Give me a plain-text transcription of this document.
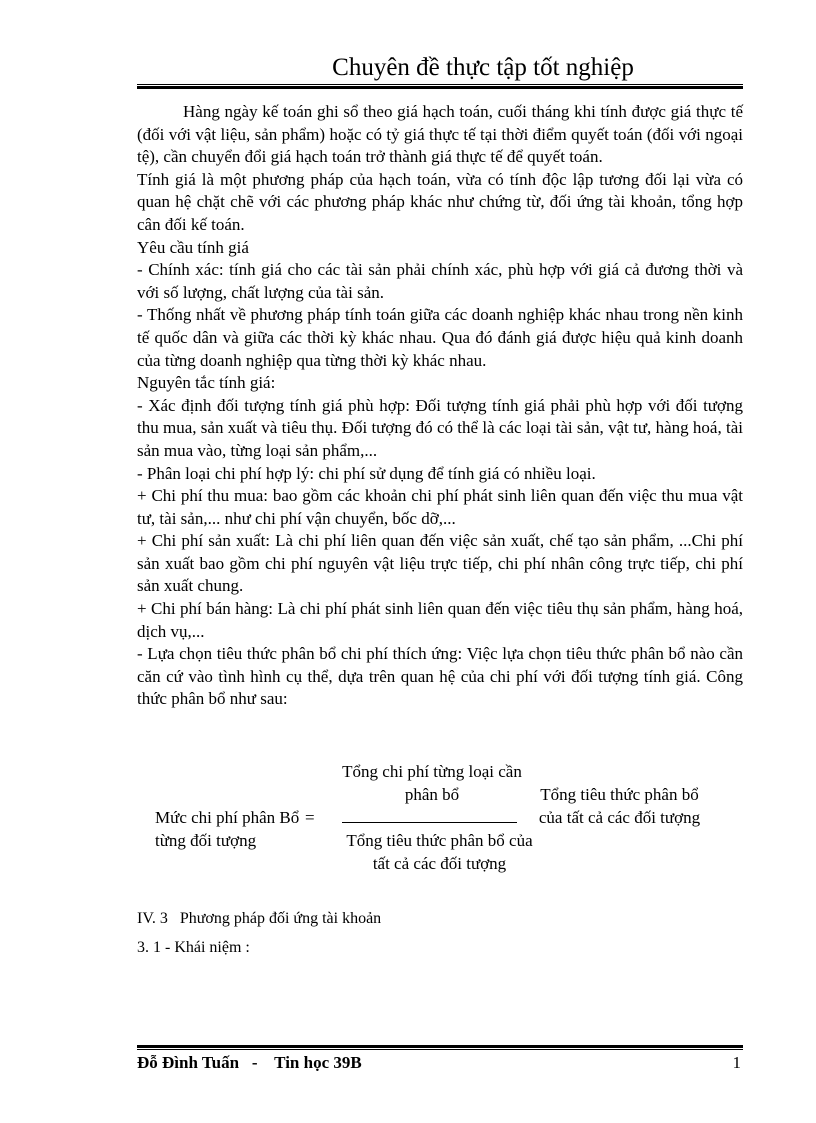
Chuyên đề thực tập tốt nghiệp

Hàng ngày kế toán ghi sổ theo giá hạch toán, cuối tháng khi tính được giá thực tế (đối với vật liệu, sản phẩm) hoặc có tỷ giá thực tế tại thời điểm quyết toán (đối với ngoại tệ), cần chuyển đổi giá hạch toán trở thành giá thực tế để quyết toán.

Tính giá là một phương pháp của hạch toán, vừa có tính độc lập tương đối lại vừa có quan hệ chặt chẽ với các phương pháp khác như chứng từ, đối ứng tài khoản, tổng hợp cân đối kế toán.

Yêu cầu tính giá

- Chính xác: tính giá cho các tài sản phải chính xác, phù hợp với giá cả đương thời và với số lượng, chất lượng của tài sản.

- Thống nhất về phương pháp tính toán giữa các doanh nghiệp khác nhau trong nền kinh tế quốc dân và giữa các thời kỳ khác nhau. Qua đó đánh giá được hiệu quả kinh doanh của từng doanh nghiệp qua từng thời kỳ khác nhau.

Nguyên tắc tính giá:

- Xác định đối tượng tính giá phù hợp: Đối tượng tính giá phải phù hợp với đối tượng thu mua, sản xuất và tiêu thụ. Đối tượng đó có thể là các loại tài sản, vật tư, hàng hoá, tài sản mua vào, từng loại sản phẩm,...

- Phân loại chi phí hợp lý: chi phí sử dụng để tính giá có nhiều loại.

+ Chi phí thu mua: bao gồm các khoản chi phí phát sinh liên quan đến việc thu mua vật tư, tài sản,... như chi phí vận chuyển, bốc dỡ,...

+ Chi phí sản xuất: Là chi phí liên quan đến việc sản xuất, chế tạo sản phẩm, ...Chi phí sản xuất bao gồm chi phí nguyên vật liệu trực tiếp, chi phí nhân công trực tiếp, chi phí sản xuất chung.

+ Chi phí bán hàng: Là chi phí phát sinh liên quan đến việc tiêu thụ sản phẩm, hàng hoá, dịch vụ,...

- Lựa chọn tiêu thức phân bổ chi phí thích ứng: Việc lựa chọn tiêu thức phân bổ nào cần căn cứ vào tình hình cụ thể, dựa trên quan hệ của chi phí với đối tượng tính giá. Công thức phân bổ như sau:

Mức chi phí phân Bổ từng đối tượng
=
Tổng chi phí từng loại cần phân bổ
Tổng tiêu thức phân bổ của tất cả các đối tượng
Tổng tiêu thức phân bổ của tất cả các đối tượng
IV. 3   Phương pháp đối ứng tài khoản
3. 1 - Khái niệm :
Đỗ Đình Tuấn   -    Tin học 39B	1
